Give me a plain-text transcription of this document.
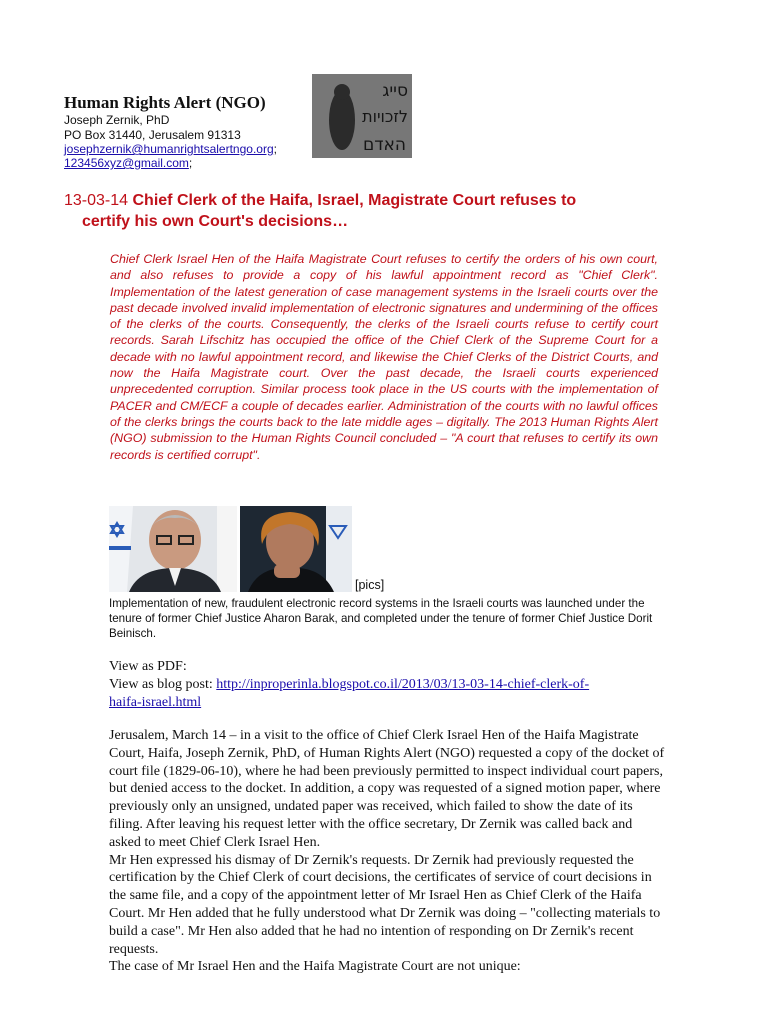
Human Rights Alert (NGO)
Joseph Zernik, PhD
PO Box 31440, Jerusalem 91313
josephzernik@humanrightsalertngo.org;
123456xyz@gmail.com;
סייג
לזכויות
האדם
13-03-14 Chief Clerk of the Haifa, Israel, Magistrate Court refuses to
certify his own Court's decisions…
Chief Clerk Israel Hen of the Haifa Magistrate Court refuses to certify the orders of his own court, and also refuses to provide a copy of his lawful appointment record as "Chief Clerk". Implementation of the latest generation of case management systems in the Israeli courts over the past decade involved invalid implementation of electronic signatures and undermining of the offices of the clerks of the courts. Consequently, the clerks of the Israeli courts refuse to certify court records. Sarah Lifschitz has occupied the office of the Chief Clerk of the Supreme Court for a decade with no lawful appointment record, and likewise the Chief Clerks of the District Courts, and now the Haifa Magistrate court. Over the past decade, the Israeli courts experienced unprecedented corruption. Similar process took place in the US courts with the implementation of PACER and CM/ECF a couple of decades earlier. Administration of the courts with no lawful offices of the clerks brings the courts back to the late middle ages – digitally. The 2013 Human Rights Alert (NGO) submission to the Human Rights Council concluded – "A court that refuses to certify its own records is certified corrupt".
[pics]
Implementation of new, fraudulent electronic record systems in the Israeli courts was launched under the tenure of former Chief Justice Aharon Barak, and completed under the tenure of former Chief Justice Dorit Beinisch.
View as PDF:
View as blog post: http://inproperinla.blogspot.co.il/2013/03/13-03-14-chief-clerk-of-
haifa-israel.html

Jerusalem, March 14 – in a visit to the office of Chief Clerk Israel Hen of the Haifa Magistrate Court, Haifa, Joseph Zernik, PhD, of Human Rights Alert (NGO) requested a copy of the docket of court file (1829-06-10), where he had been previously permitted to inspect individual court papers, but denied access to the docket. In addition, a copy was requested of a signed motion paper, where previously only an unsigned, undated paper was received, which failed to show the date of its filing. After leaving his request letter with the office secretary, Dr Zernik was called back and asked to meet Chief Clerk Israel Hen.

Mr Hen expressed his dismay of Dr Zernik's requests. Dr Zernik had previously requested the certification by the Chief Clerk of court decisions, the certificates of service of court decisions in the same file, and a copy of the appointment letter of Mr Israel Hen as Chief Clerk of the Haifa Court. Mr Hen added that he fully understood what Dr Zernik was doing – "collecting materials to build a case". Mr Hen also added that he had no intention of responding on Dr Zernik's recent requests.

The case of Mr Israel Hen and the Haifa Magistrate Court are not unique:
